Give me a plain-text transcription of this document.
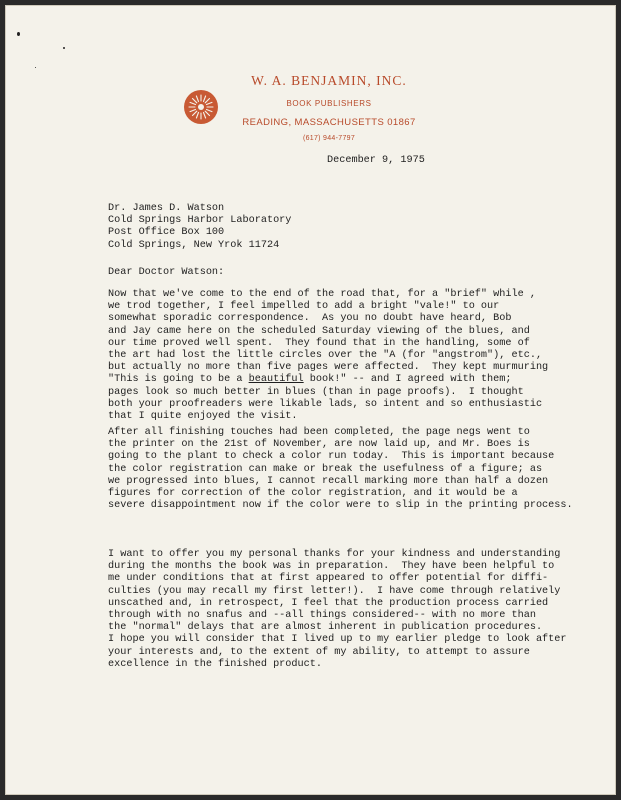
W. A. BENJAMIN, INC.
BOOK PUBLISHERS
READING, MASSACHUSETTS 01867
(617) 944-7797
December 9, 1975
Dr. James D. Watson
Cold Springs Harbor Laboratory
Post Office Box 100
Cold Springs, New Yrok 11724
Dear Doctor Watson:
Now that we've come to the end of the road that, for a "brief" while ,
we trod together, I feel impelled to add a bright "vale!" to our
somewhat sporadic correspondence.  As you no doubt have heard, Bob
and Jay came here on the scheduled Saturday viewing of the blues, and
our time proved well spent.  They found that in the handling, some of
the art had lost the little circles over the "A (for "angstrom"), etc.,
but actually no more than five pages were affected.  They kept murmuring
"This is going to be a beautiful book!" -- and I agreed with them;
pages look so much better in blues (than in page proofs).  I thought
both your proofreaders were likable lads, so intent and so enthusiastic
that I quite enjoyed the visit.
After all finishing touches had been completed, the page negs went to
the printer on the 21st of November, are now laid up, and Mr. Boes is
going to the plant to check a color run today.  This is important because
the color registration can make or break the usefulness of a figure; as
we progressed into blues, I cannot recall marking more than half a dozen
figures for correction of the color registration, and it would be a
severe disappointment now if the color were to slip in the printing process.
I want to offer you my personal thanks for your kindness and understanding
during the months the book was in preparation.  They have been helpful to
me under conditions that at first appeared to offer potential for diffi-
culties (you may recall my first letter!).  I have come through relatively
unscathed and, in retrospect, I feel that the production process carried
through with no snafus and --all things considered-- with no more than
the "normal" delays that are almost inherent in publication procedures.
I hope you will consider that I lived up to my earlier pledge to look after
your interests and, to the extent of my ability, to attempt to assure
excellence in the finished product.
